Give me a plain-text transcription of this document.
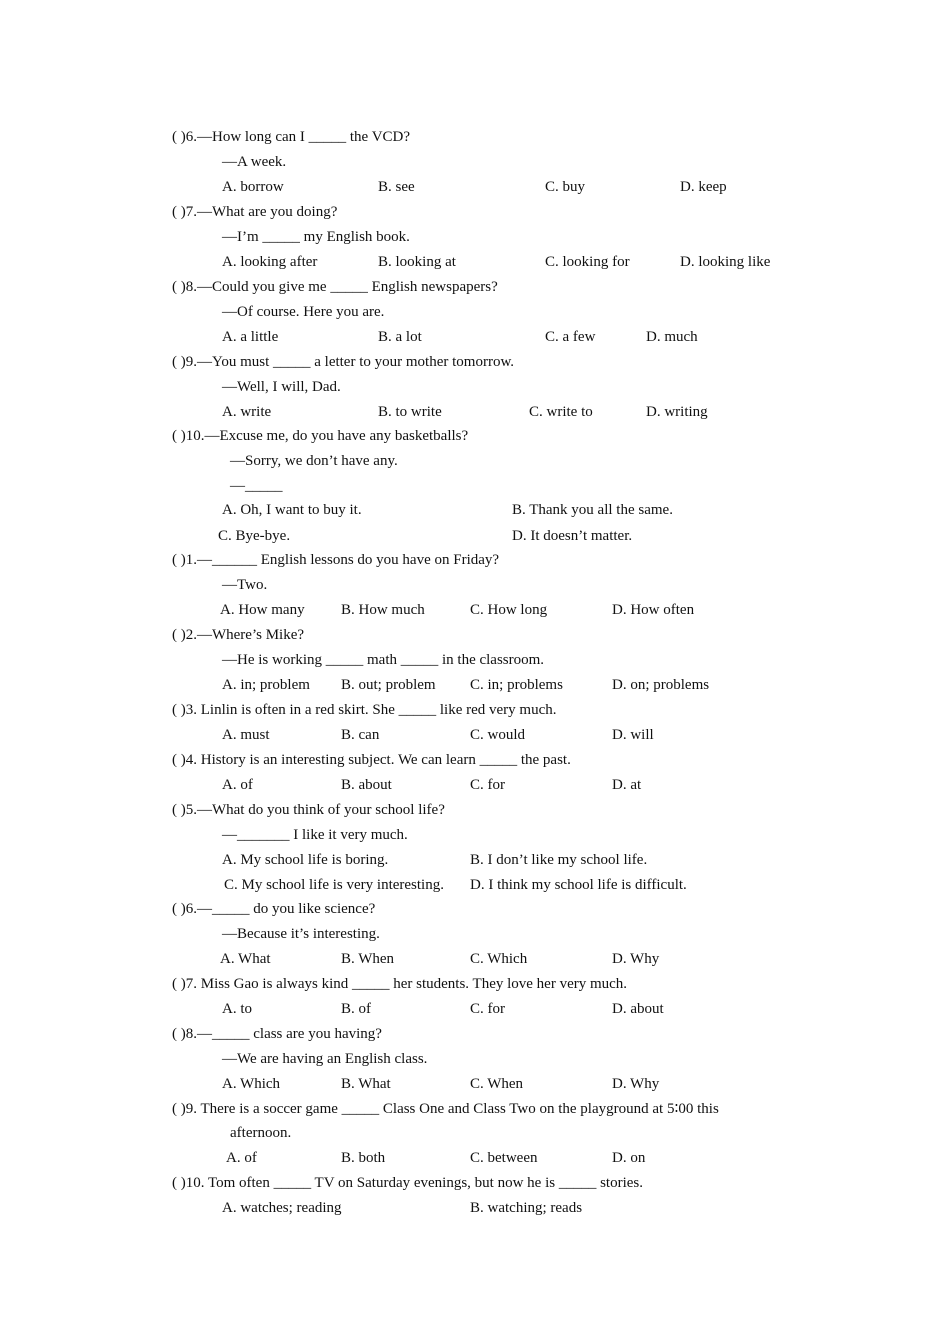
( )6.—How long can I _____ the VCD?
—A week.
A. borrow	B. see	C. buy	D. keep
( )7.—What are you doing?
—I’m _____ my English book.
A. looking after	B. looking at	C. looking for	D. looking like
( )8.—Could you give me _____ English newspapers?
—Of course. Here you are.
A. a little	B. a lot	C. a few	D. much
( )9.—You must _____ a letter to your mother tomorrow.
—Well, I will, Dad.
A. write	B. to write	C. write to	D. writing
( )10.—Excuse me, do you have any basketballs?
—Sorry, we don’t have any.
—_____
A. Oh, I want to buy it.	B. Thank you all the same.
C. Bye-bye.	D. It doesn’t matter.
( )1.—______ English lessons do you have on Friday?
—Two.
A. How many B. How much	C. How long	D. How often
( )2.—Where’s Mike?
—He is working _____ math _____ in the classroom.
A. in; problem B. out; problem C. in; problems	D. on; problems
( )3. Linlin is often in a red skirt. She _____ like red very much.
A. must	B. can	C. would	D. will
( )4. History is an interesting subject. We can learn _____ the past.
A. of	B. about	C. for	D. at
( )5.—What do you think of your school life?
—_______ I like it very much.
A. My school life is boring.	B. I don’t like my school life.
C. My school life is very interesting. D. I think my school life is difficult.
( )6.—_____ do you like science?
—Because it’s interesting.
A. What	B. When	C. Which	D. Why
( )7. Miss Gao is always kind _____ her students. They love her very much.
A. to	B. of	C. for	D. about
( )8.—_____ class are you having?
—We are having an English class.
A. Which	B. What	C. When	D. Why
( )9. There is a soccer game _____ Class One and Class Two on the playground at 5∶00 this
afternoon.
A. of	B. both	C. between	D. on
( )10. Tom often _____ TV on Saturday evenings, but now he is _____ stories.
A. watches; reading	B. watching; reads
